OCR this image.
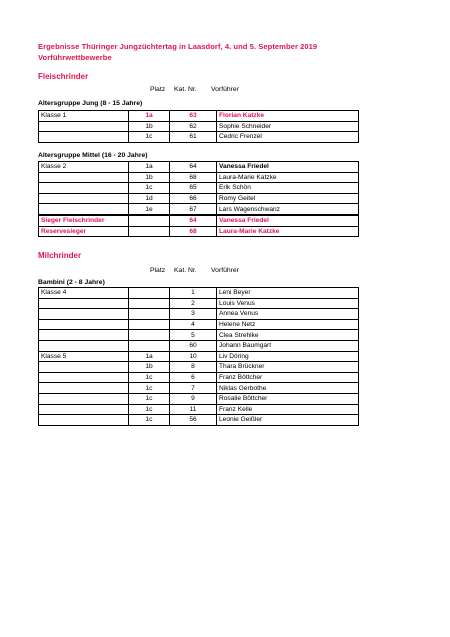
Ergebnisse Thüringer Jungzüchtertag in Laasdorf, 4. und 5. September 2019
Vorführwettbewerbe
Fleischrinder
Platz Kat. Nr. Vorführer
Altersgruppe Jung (8 - 15 Jahre)
Klasse 1	1a	63	Florian Katzke
	1b	62	Sophie Schneider
	1c	61	Cedric Frenzel
Altersgruppe Mittel (16 - 20 Jahre)
Klasse 2	1a	64	Vanessa Friedel
	1b	68	Laura-Marie Katzke
	1c	65	Erik Schön
	1d	66	Romy Geitel
	1e	67	Lars Wagenschwanz
Sieger Fleischrinder		64	Vanessa Friedel
Reservesieger		68	Laura-Marie Katzke
Milchrinder
Platz Kat. Nr. Vorführer
Bambini (2 - 8 Jahre)
Klasse 4		1	Leni Beyer
		2	Louis Venus
		3	Annea Venus
		4	Helene Netz
		5	Clea Strehlke
		60	Johann Baumgart
Klasse 5	1a	10	Liv Döring
	1b	8	Thara Brückner
	1c	6	Franz Böttcher
	1c	7	Niklas Gerbothe
	1c	9	Rosalie Böttcher
	1c	11	Franz Kelle
	1c	56	Leonie Geißler
